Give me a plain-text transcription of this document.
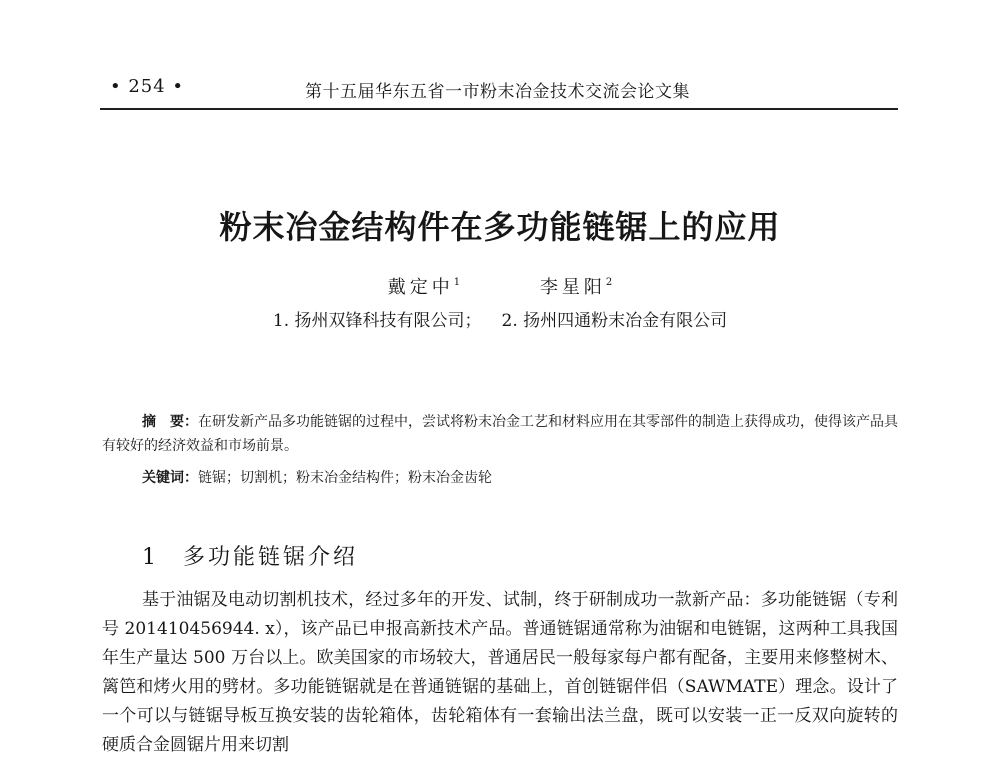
• 254 •	第十五届华东五省一市粉末冶金技术交流会论文集
粉末冶金结构件在多功能链锯上的应用
戴定中$^1$	李星阳$^2$
1. 扬州双锋科技有限公司； 2. 扬州四通粉末冶金有限公司
摘　要：在研发新产品多功能链锯的过程中，尝试将粉末冶金工艺和材料应用在其零部件的制造上获得成功，使得该产品具有较好的经济效益和市场前景。
关键词：链锯；切割机；粉末冶金结构件；粉末冶金齿轮
1 多功能链锯介绍
基于油锯及电动切割机技术，经过多年的开发、试制，终于研制成功一款新产品：多功能链锯（专利号 201410456944. x），该产品已申报高新技术产品。普通链锯通常称为油锯和电链锯，这两种工具我国年生产量达 500 万台以上。欧美国家的市场较大，普通居民一般每家每户都有配备，主要用来修整树木、篱笆和烤火用的劈材。多功能链锯就是在普通链锯的基础上，首创链锯伴侣（SAWMATE）理念。设计了一个可以与链锯导板互换安装的齿轮箱体，齿轮箱体有一套输出法兰盘，既可以安装一正一反双向旋转的硬质合金圆锯片用来切割
